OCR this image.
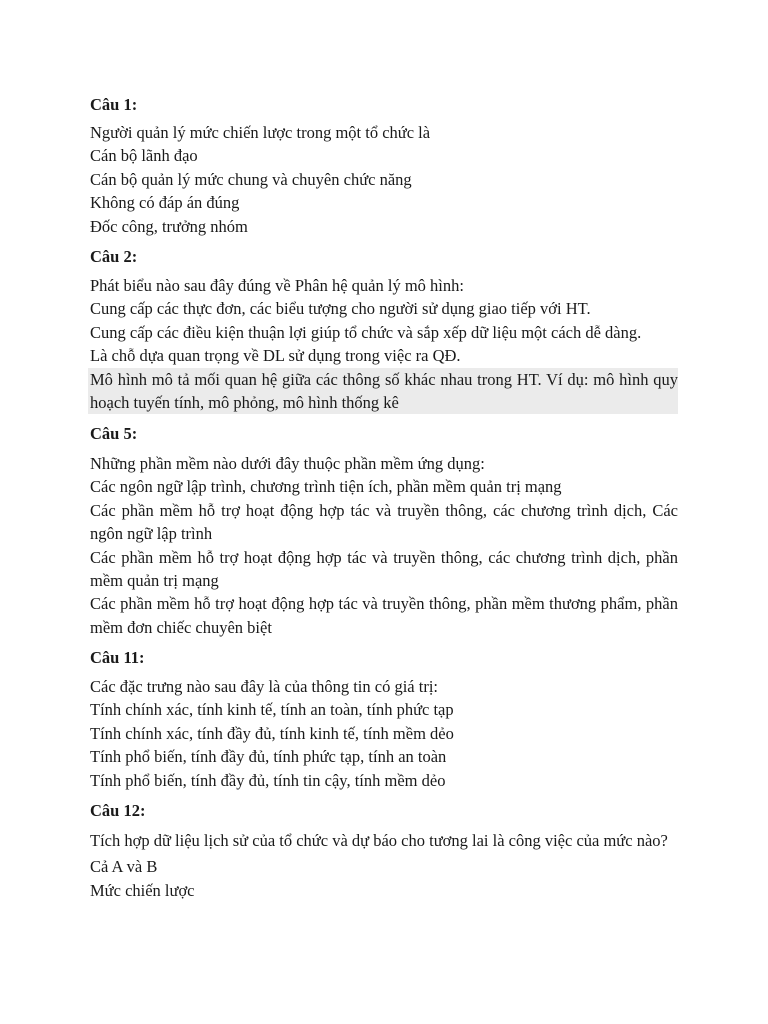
Câu 1:
Người quản lý mức chiến lược trong một tổ chức là
Cán bộ lãnh đạo
Cán bộ quản lý mức chung và chuyên chức năng
Không có đáp án đúng
Đốc công, trưởng nhóm
Câu 2:
Phát biểu nào sau đây đúng về Phân hệ quản lý mô hình:
Cung cấp các thực đơn, các biểu tượng cho người sử dụng giao tiếp với HT.
Cung cấp các điều kiện thuận lợi giúp tổ chức và sắp xếp dữ liệu một cách dễ dàng.
Là chỗ dựa quan trọng về DL sử dụng trong việc ra QĐ.
Mô hình mô tả mối quan hệ giữa các thông số khác nhau trong HT. Ví dụ: mô hình quy hoạch tuyến tính, mô phỏng, mô hình thống kê
Câu 5:
Những phần mềm nào dưới đây thuộc phần mềm ứng dụng:
Các ngôn ngữ lập trình, chương trình tiện ích, phần mềm quản trị mạng
Các phần mềm hỗ trợ hoạt động hợp tác và truyền thông, các chương trình dịch, Các ngôn ngữ lập trình
Các phần mềm hỗ trợ hoạt động hợp tác và truyền thông, các chương trình dịch, phần mềm quản trị mạng
Các phần mềm hỗ trợ hoạt động hợp tác và truyền thông, phần mềm thương phẩm, phần mềm đơn chiếc chuyên biệt
Câu 11:
Các đặc trưng nào sau đây là của thông tin có giá trị:
Tính chính xác, tính kinh tế, tính an toàn, tính phức tạp
Tính chính xác, tính đầy đủ, tính kinh tế, tính mềm dẻo
Tính phổ biến, tính đầy đủ, tính phức tạp, tính an toàn
Tính phổ biến, tính đầy đủ, tính tin cậy, tính mềm dẻo
Câu 12:
Tích hợp dữ liệu lịch sử của tổ chức và dự báo cho tương lai là công việc của mức nào?
Cả A và B
Mức chiến lược
